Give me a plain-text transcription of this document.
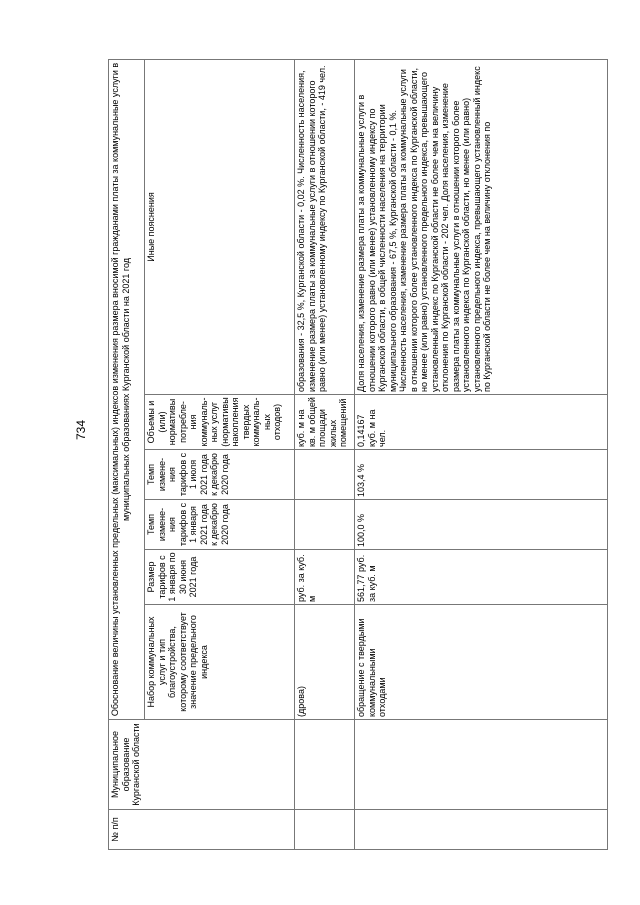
734
№ п/п	Муниципальное образование Курганской области	Обоснование величины установленных предельных (максимальных) индексов изменения размера вносимой гражданами платы за коммунальные услуги в муниципальных образованиях Курганской области на 2021 год					
		Набор коммунальных услуг и тип благоустройства, которому соответствует значение предельного индекса	Размер тарифов с 1 января по 30 июня 2021 года	Темп измене-ния тарифов с 1 января 2021 года к декабрю 2020 года	Темп измене-ния тарифов с 1 июля 2021 года к декабрю 2020 года	Объемы и (или) нормативы потребле-ния коммуналь-ных услуг (нормативы накопления твердых коммуналь-ных отходов)	Иные пояснения
		(дрова)	руб. за куб. м			куб. м на кв. м общей площади жилых помещений	образования - 32,5 %, Курганской области - 0,02 %. Численность населения, изменение размера платы за коммунальные услуги в отношении которого равно (или менее) установленному индексу по Курганской области, - 419 чел.
		обращение с твердыми коммунальными отходами	561,77 руб. за куб. м	100,0 %	103,4 %	0,14167 куб. м на чел.	Доля населения, изменение размера платы за коммунальные услуги в отношении которого равно (или менее) установленному индексу по Курганской области, в общей численности населения на территории муниципального образования - 67,5 %, Курганской области - 0,1 %. Численность населения, изменение размера платы за коммунальные услуги в отношении которого более установленного индекса по Курганской области, но менее (или равно) установленного предельного индекса, превышающего установленный индекс по Курганской области не более чем на величину отклонения по Курганской области - 202 чел. Доля населения, изменение размера платы за коммунальные услуги в отношении которого более установленного индекса по Курганской области, но менее (или равно) установленного предельного индекса, превышающего установленный индекс по Курганской области не более чем на величину отклонения по
